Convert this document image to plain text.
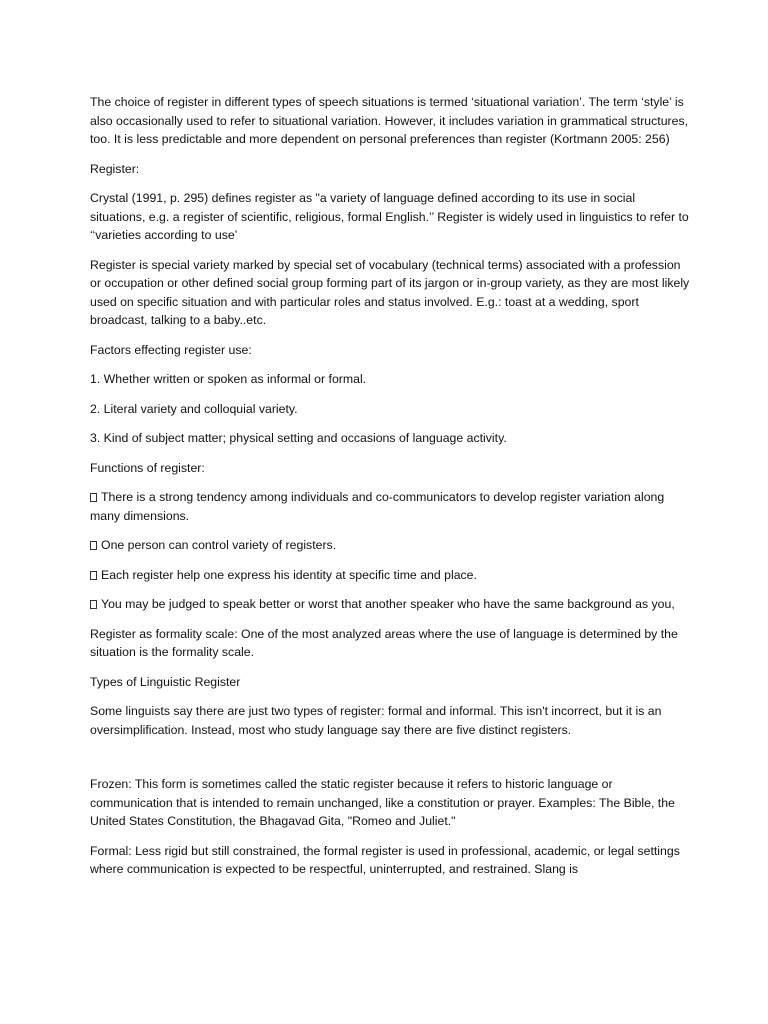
The choice of register in different types of speech situations is termed ‘situational variation’. The term ‘style’ is also occasionally used to refer to situational variation. However, it includes variation in grammatical structures, too. It is less predictable and more dependent on personal preferences than register (Kortmann 2005: 256)

Register:

Crystal (1991, p. 295) defines register as "a variety of language defined according to its use in social situations, e.g. a register of scientific, religious, formal English.’’ Register is widely used in linguistics to refer to ‘‘varieties according to use’

Register is special variety marked by special set of vocabulary (technical terms) associated with a profession or occupation or other defined social group forming part of its jargon or in-group variety, as they are most likely used on specific situation and with particular roles and status involved. E.g.: toast at a wedding, sport broadcast, talking to a baby..etc.

Factors effecting register use:

1. Whether written or spoken as informal or formal.

2. Literal variety and colloquial variety.

3. Kind of subject matter; physical setting and occasions of language activity.

Functions of register:

There is a strong tendency among individuals and co-communicators to develop register variation along many dimensions.

One person can control variety of registers.

Each register help one express his identity at specific time and place.

You may be judged to speak better or worst that another speaker who have the same background as you,

Register as formality scale: One of the most analyzed areas where the use of language is determined by the situation is the formality scale.

Types of Linguistic Register

Some linguists say there are just two types of register: formal and informal. This isn't incorrect, but it is an oversimplification. Instead, most who study language say there are five distinct registers.

Frozen: This form is sometimes called the static register because it refers to historic language or communication that is intended to remain unchanged, like a constitution or prayer. Examples: The Bible, the United States Constitution, the Bhagavad Gita, "Romeo and Juliet."

Formal: Less rigid but still constrained, the formal register is used in professional, academic, or legal settings where communication is expected to be respectful, uninterrupted, and restrained. Slang is
